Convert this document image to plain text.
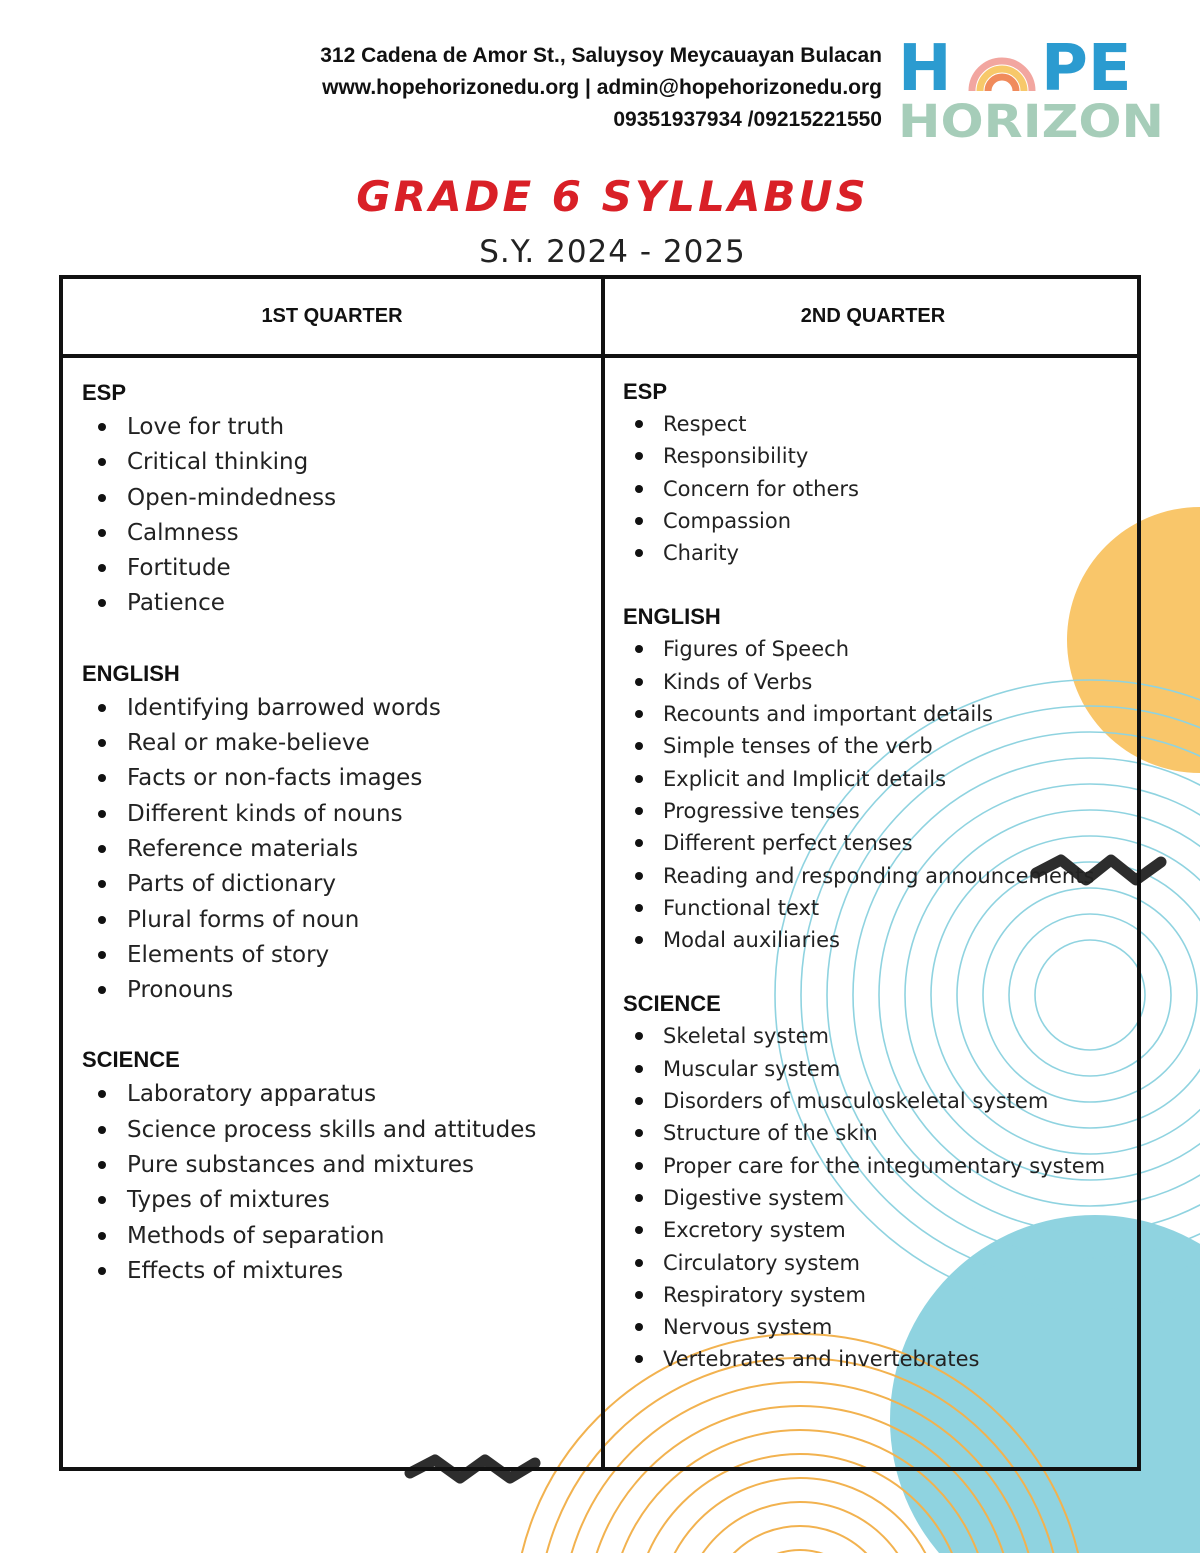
312 Cadena de Amor St., Saluysoy Meycauayan Bulacan
www.hopehorizonedu.org | admin@hopehorizonedu.org
09351937934 /09215221550
H PE
HORIZON
GRADE 6 SYLLABUS
S.Y. 2024 - 2025
1ST QUARTER	2ND QUARTER
ESP
Love for truth
Critical thinking
Open-mindedness
Calmness
Fortitude
Patience
ENGLISH
Identifying barrowed words
Real or make-believe
Facts or non-facts images
Different kinds of nouns
Reference materials
Parts of dictionary
Plural forms of noun
Elements of story
Pronouns
SCIENCE
Laboratory apparatus
Science process skills and attitudes
Pure substances and mixtures
Types of mixtures
Methods of separation
Effects of mixtures
ESP
Respect
Responsibility
Concern for others
Compassion
Charity
ENGLISH
Figures of Speech
Kinds of Verbs
Recounts and important details
Simple tenses of the verb
Explicit and Implicit details
Progressive tenses
Different perfect tenses
Reading and responding announcements
Functional text
Modal auxiliaries
SCIENCE
Skeletal system
Muscular system
Disorders of musculoskeletal system
Structure of the skin
Proper care for the integumentary system
Digestive system
Excretory system
Circulatory system
Respiratory system
Nervous system
Vertebrates and invertebrates
